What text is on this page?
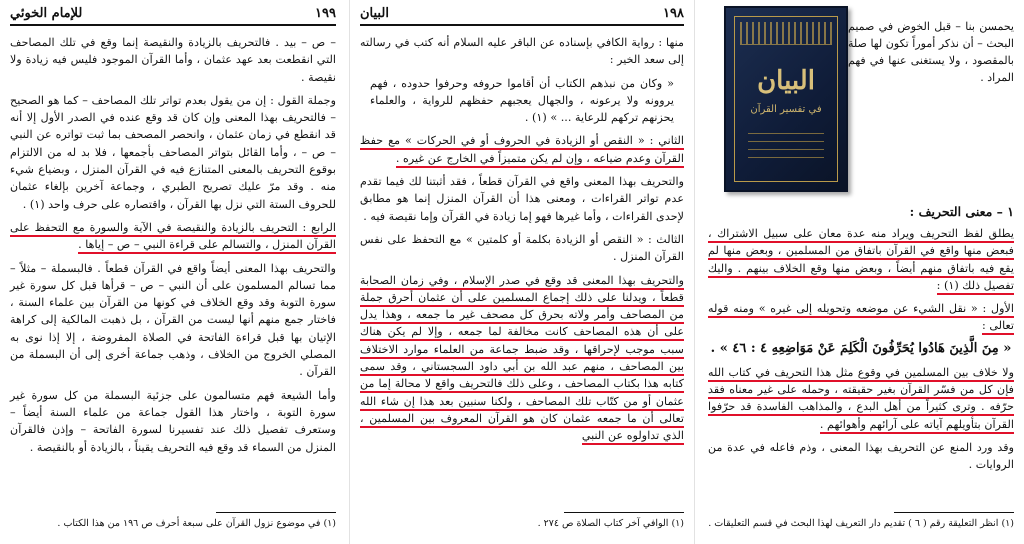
١٩٩
للإمام الخوئي

– ص – بيد . فالتحريف بالزيادة والنقيصة إنما وقع في تلك المصاحف التي انقطعت بعد عهد عثمان ، وأما القرآن الموجود فليس فيه زيادة ولا نقيصة .

وجملة القول : إن من يقول بعدم تواتر تلك المصاحف – كما هو الصحيح – فالتحريف بهذا المعنى وإن كان قد وقع عنده في الصدر الأول إلا أنه قد انقطع في زمان عثمان ، وانحصر المصحف بما ثبت تواتره عن النبي – ص – ، وأما القائل بتواتر المصاحف بأجمعها ، فلا بد له من الالتزام بوقوع التحريف بالمعنى المتنازع فيه في القرآن المنزل ، وبضياع شيء منه . وقد مرّ عليك تصريح الطبري ، وجماعة آخرين بإلغاء عثمان للحروف الستة التي نزل بها القرآن ، واقتصاره على حرف واحد (١) .

الرابع : التحريف بالزيادة والنقيصة في الآية والسورة مع التحفظ على القرآن المنزل ، والتسالم على قراءة النبي – ص – إياها .

والتحريف بهذا المعنى أيضاً واقع في القرآن قطعاً . فالبسملة – مثلاً – مما تسالم المسلمون على أن النبي – ص – قرأها قبل كل سورة غير سورة التوبة وقد وقع الخلاف في كونها من القرآن بين علماء السنة ، فاختار جمع منهم أنها ليست من القرآن ، بل ذهبت المالكية إلى كراهة الإتيان بها قبل قراءة الفاتحة في الصلاة المفروضة ، إلا إذا نوى به المصلي الخروج من الخلاف ، وذهب جماعة أخرى إلى أن البسملة من القرآن .

وأما الشيعة فهم متسالمون على جزئية البسملة من كل سورة غير سورة التوبة ، واختار هذا القول جماعة من علماء السنة أيضاً – وستعرف تفصيل ذلك عند تفسيرنا لسورة الفاتحة – وإذن فالقرآن المنزل من السماء قد وقع فيه التحريف يقيناً ، بالزيادة أو بالنقيصة .

(١) في موضوع نزول القرآن على سبعة أحرف ص ١٩٦ من هذا الكتاب .
١٩٨
البيان

منها : رواية الكافي بإسناده عن الباقر عليه السلام أنه كتب في رسالته إلى سعد الخير :

« وكان من نبذهم الكتاب أن أقاموا حروفه وحرفوا حدوده ، فهم يروونه ولا يرعونه ، والجهال يعجبهم حفظهم للرواية ، والعلماء يحزنهم تركهم للرعاية ... » (١) .

الثاني : « النقص أو الزيادة في الحروف أو في الحركات » مع حفظ القرآن وعدم ضياعه ، وإن لم يكن متميزاً في الخارج عن غيره .

والتحريف بهذا المعنى واقع في القرآن قطعاً ، فقد أثبتنا لك فيما تقدم عدم تواتر القراءات ، ومعنى هذا أن القرآن المنزل إنما هو مطابق لإحدى القراءات ، وأما غيرها فهو إما زيادة في القرآن وإما نقيصة فيه .

الثالث : « النقص أو الزيادة بكلمة أو كلمتين » مع التحفظ على نفس القرآن المنزل .

والتحريف بهذا المعنى قد وقع في صدر الإسلام ، وفي زمان الصحابة قطعاً ، ويدلنا على ذلك إجماع المسلمين على أن عثمان أحرق جملة من المصاحف وأمر ولاته بحرق كل مصحف غير ما جمعه ، وهذا يدل على أن هذه المصاحف كانت مخالفة لما جمعه ، وإلا لم يكن هناك سبب موجب لإحراقها ، وقد ضبط جماعة من العلماء موارد الاختلاف بين المصاحف ، منهم عبد الله بن أبي داود السجستاني ، وقد سمى كتابه هذا بكتاب المصاحف ، وعلى ذلك فالتحريف واقع لا محالة إما من عثمان أو من كتّاب تلك المصاحف ، ولكنا سنبين بعد هذا إن شاء الله تعالى أن ما جمعه عثمان كان هو القرآن المعروف بين المسلمين ، الذي تداولوه عن النبي

(١) الوافي آخر كتاب الصلاة ص ٢٧٤ .
البيان
في تفسير القرآن

يحمسن بنا – قبل الخوض في صميم البحث – أن نذكر أموراً تكون لها صلة بالمقصود ، ولا يستغنى عنها في فهم المراد .

١ – معنى التحريف :

يطلق لفظ التحريف ويراد منه عدة معان على سبيل الاشتراك ، فبعض منها واقع في القرآن باتفاق من المسلمين ، وبعض منها لم يقع فيه باتفاق منهم أيضاً ، وبعض منها وقع الخلاف بينهم . واليك تفصيل ذلك (١) :

الأول : « نقل الشيء عن موضعه وتحويله إلى غيره » ومنه قوله تعالى :

« مِنَ الَّذِينَ هَادُوا يُحَرِّفُونَ الْكَلِمَ عَنْ مَوَاضِعِهِ ٤ : ٤٦ » .

ولا خلاف بين المسلمين في وقوع مثل هذا التحريف في كتاب الله فإن كل من فسّر القرآن بغير حقيقته ، وحمله على غير معناه فقد حرّفه . وترى كثيراً من أهل البدع ، والمذاهب الفاسدة قد حرّفوا القرآن بتأويلهم آياته على آرائهم وأهوائهم .

وقد ورد المنع عن التحريف بهذا المعنى ، وذم فاعله في عدة من الروايات .

(١) انظر التعليقة رقم ( ٦ ) تقديم دار التعريف لهذا البحث في قسم التعليقات .
